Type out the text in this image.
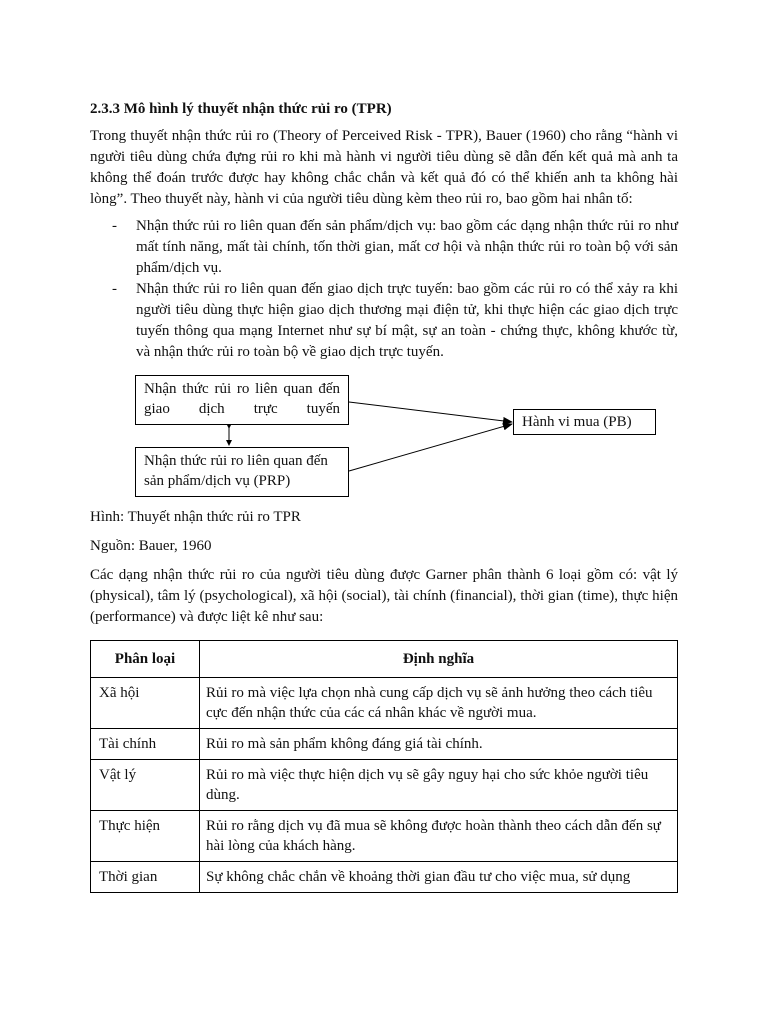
2.3.3 Mô hình lý thuyết nhận thức rủi ro (TPR)

Trong thuyết nhận thức rủi ro (Theory of Perceived Risk - TPR), Bauer (1960) cho rằng “hành vi người tiêu dùng chứa đựng rủi ro khi mà hành vi người tiêu dùng sẽ dẫn đến kết quả mà anh ta không thể đoán trước được hay không chắc chắn và kết quả đó có thể khiến anh ta không hài lòng”. Theo thuyết này, hành vi của người tiêu dùng kèm theo rủi ro, bao gồm hai nhân tố:

- Nhận thức rủi ro liên quan đến sản phẩm/dịch vụ: bao gồm các dạng nhận thức rủi ro như mất tính năng, mất tài chính, tốn thời gian, mất cơ hội và nhận thức rủi ro toàn bộ với sản phẩm/dịch vụ.
- Nhận thức rủi ro liên quan đến giao dịch trực tuyến: bao gồm các rủi ro có thể xảy ra khi người tiêu dùng thực hiện giao dịch thương mại điện tử, khi thực hiện các giao dịch trực tuyến thông qua mạng Internet như sự bí mật, sự an toàn - chứng thực, không khước từ, và nhận thức rủi ro toàn bộ về giao dịch trực tuyến.
Nhận thức rủi ro liên quan đến giao dịch trực tuyến
Nhận thức rủi ro liên quan đến sản phẩm/dịch vụ (PRP)
Hành vi mua (PB)

Hình: Thuyết nhận thức rủi ro TPR

Nguồn: Bauer, 1960

Các dạng nhận thức rủi ro của người tiêu dùng được Garner phân thành 6 loại gồm có: vật lý (physical), tâm lý (psychological), xã hội (social), tài chính (financial), thời gian (time), thực hiện (performance) và được liệt kê như sau:

Phân loại	Định nghĩa
Xã hội	Rủi ro mà việc lựa chọn nhà cung cấp dịch vụ sẽ ảnh hưởng theo cách tiêu cực đến nhận thức của các cá nhân khác về người mua.
Tài chính	Rủi ro mà sản phẩm không đáng giá tài chính.
Vật lý	Rủi ro mà việc thực hiện dịch vụ sẽ gây nguy hại cho sức khỏe người tiêu dùng.
Thực hiện	Rủi ro rằng dịch vụ đã mua sẽ không được hoàn thành theo cách dẫn đến sự hài lòng của khách hàng.
Thời gian	Sự không chắc chắn về khoảng thời gian đầu tư cho việc mua, sử dụng
